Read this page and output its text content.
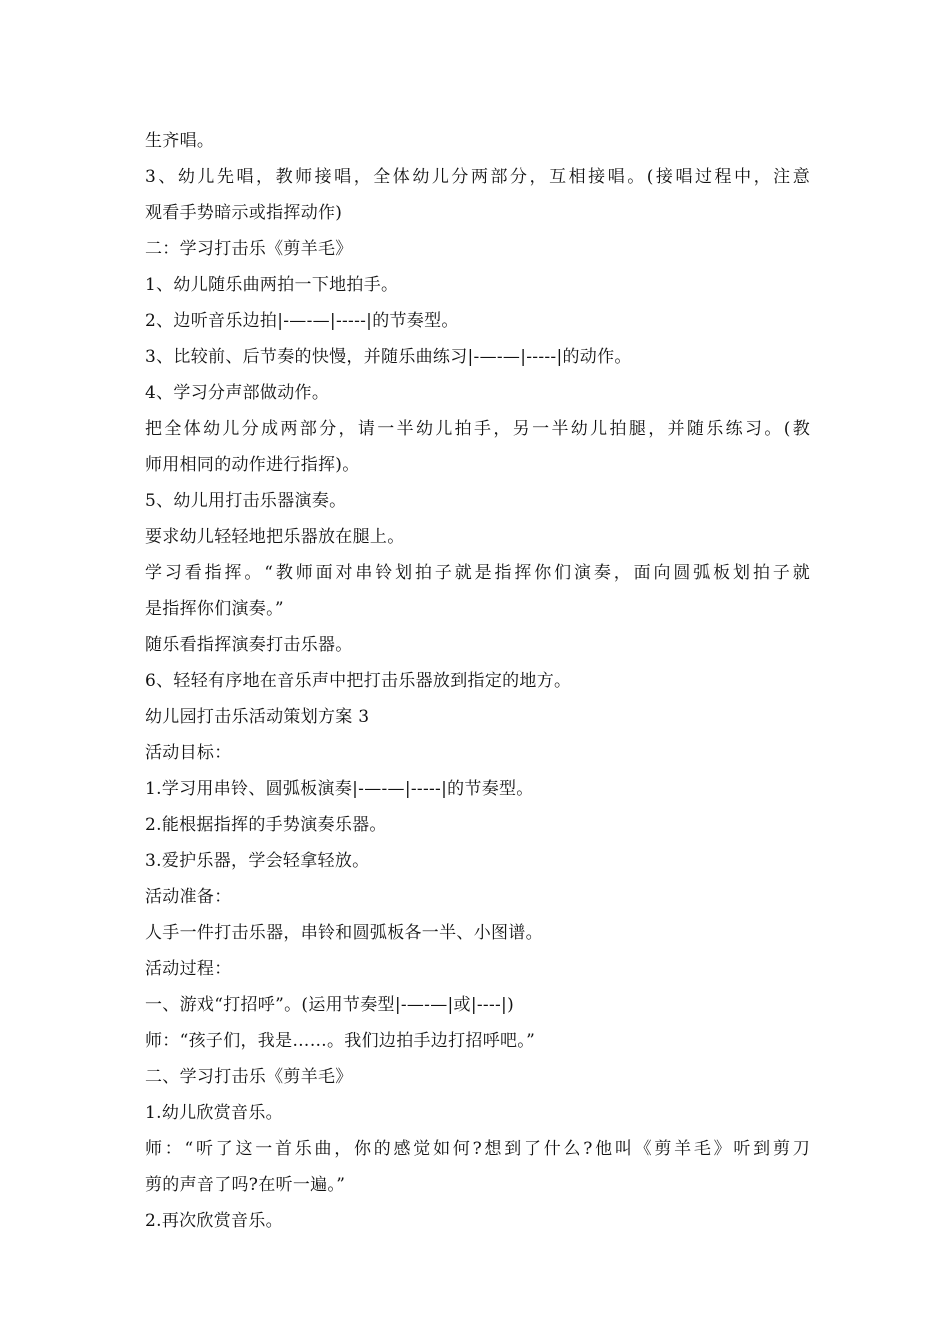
生齐唱。
3、幼儿先唱，教师接唱，全体幼儿分两部分，互相接唱。(接唱过程中，注意
观看手势暗示或指挥动作)
二：学习打击乐《剪羊毛》
1、幼儿随乐曲两拍一下地拍手。
2、边听音乐边拍|-—-—|-----|的节奏型。
3、比较前、后节奏的快慢，并随乐曲练习|-—-—|-----|的动作。
4、学习分声部做动作。
把全体幼儿分成两部分，请一半幼儿拍手，另一半幼儿拍腿，并随乐练习。(教
师用相同的动作进行指挥)。
5、幼儿用打击乐器演奏。
要求幼儿轻轻地把乐器放在腿上。
学习看指挥。“教师面对串铃划拍子就是指挥你们演奏，面向圆弧板划拍子就
是指挥你们演奏。”
随乐看指挥演奏打击乐器。
6、轻轻有序地在音乐声中把打击乐器放到指定的地方。
幼儿园打击乐活动策划方案 3
活动目标：
1.学习用串铃、圆弧板演奏|-—-—|-----|的节奏型。
2.能根据指挥的手势演奏乐器。
3.爱护乐器，学会轻拿轻放。
活动准备：
人手一件打击乐器，串铃和圆弧板各一半、小图谱。
活动过程：
一、游戏“打招呼”。(运用节奏型|-—-—|或|----|)
师：“孩子们，我是……。我们边拍手边打招呼吧。”
二、学习打击乐《剪羊毛》
1.幼儿欣赏音乐。
师：“听了这一首乐曲，你的感觉如何?想到了什么?他叫《剪羊毛》听到剪刀
剪的声音了吗?在听一遍。”
2.再次欣赏音乐。
